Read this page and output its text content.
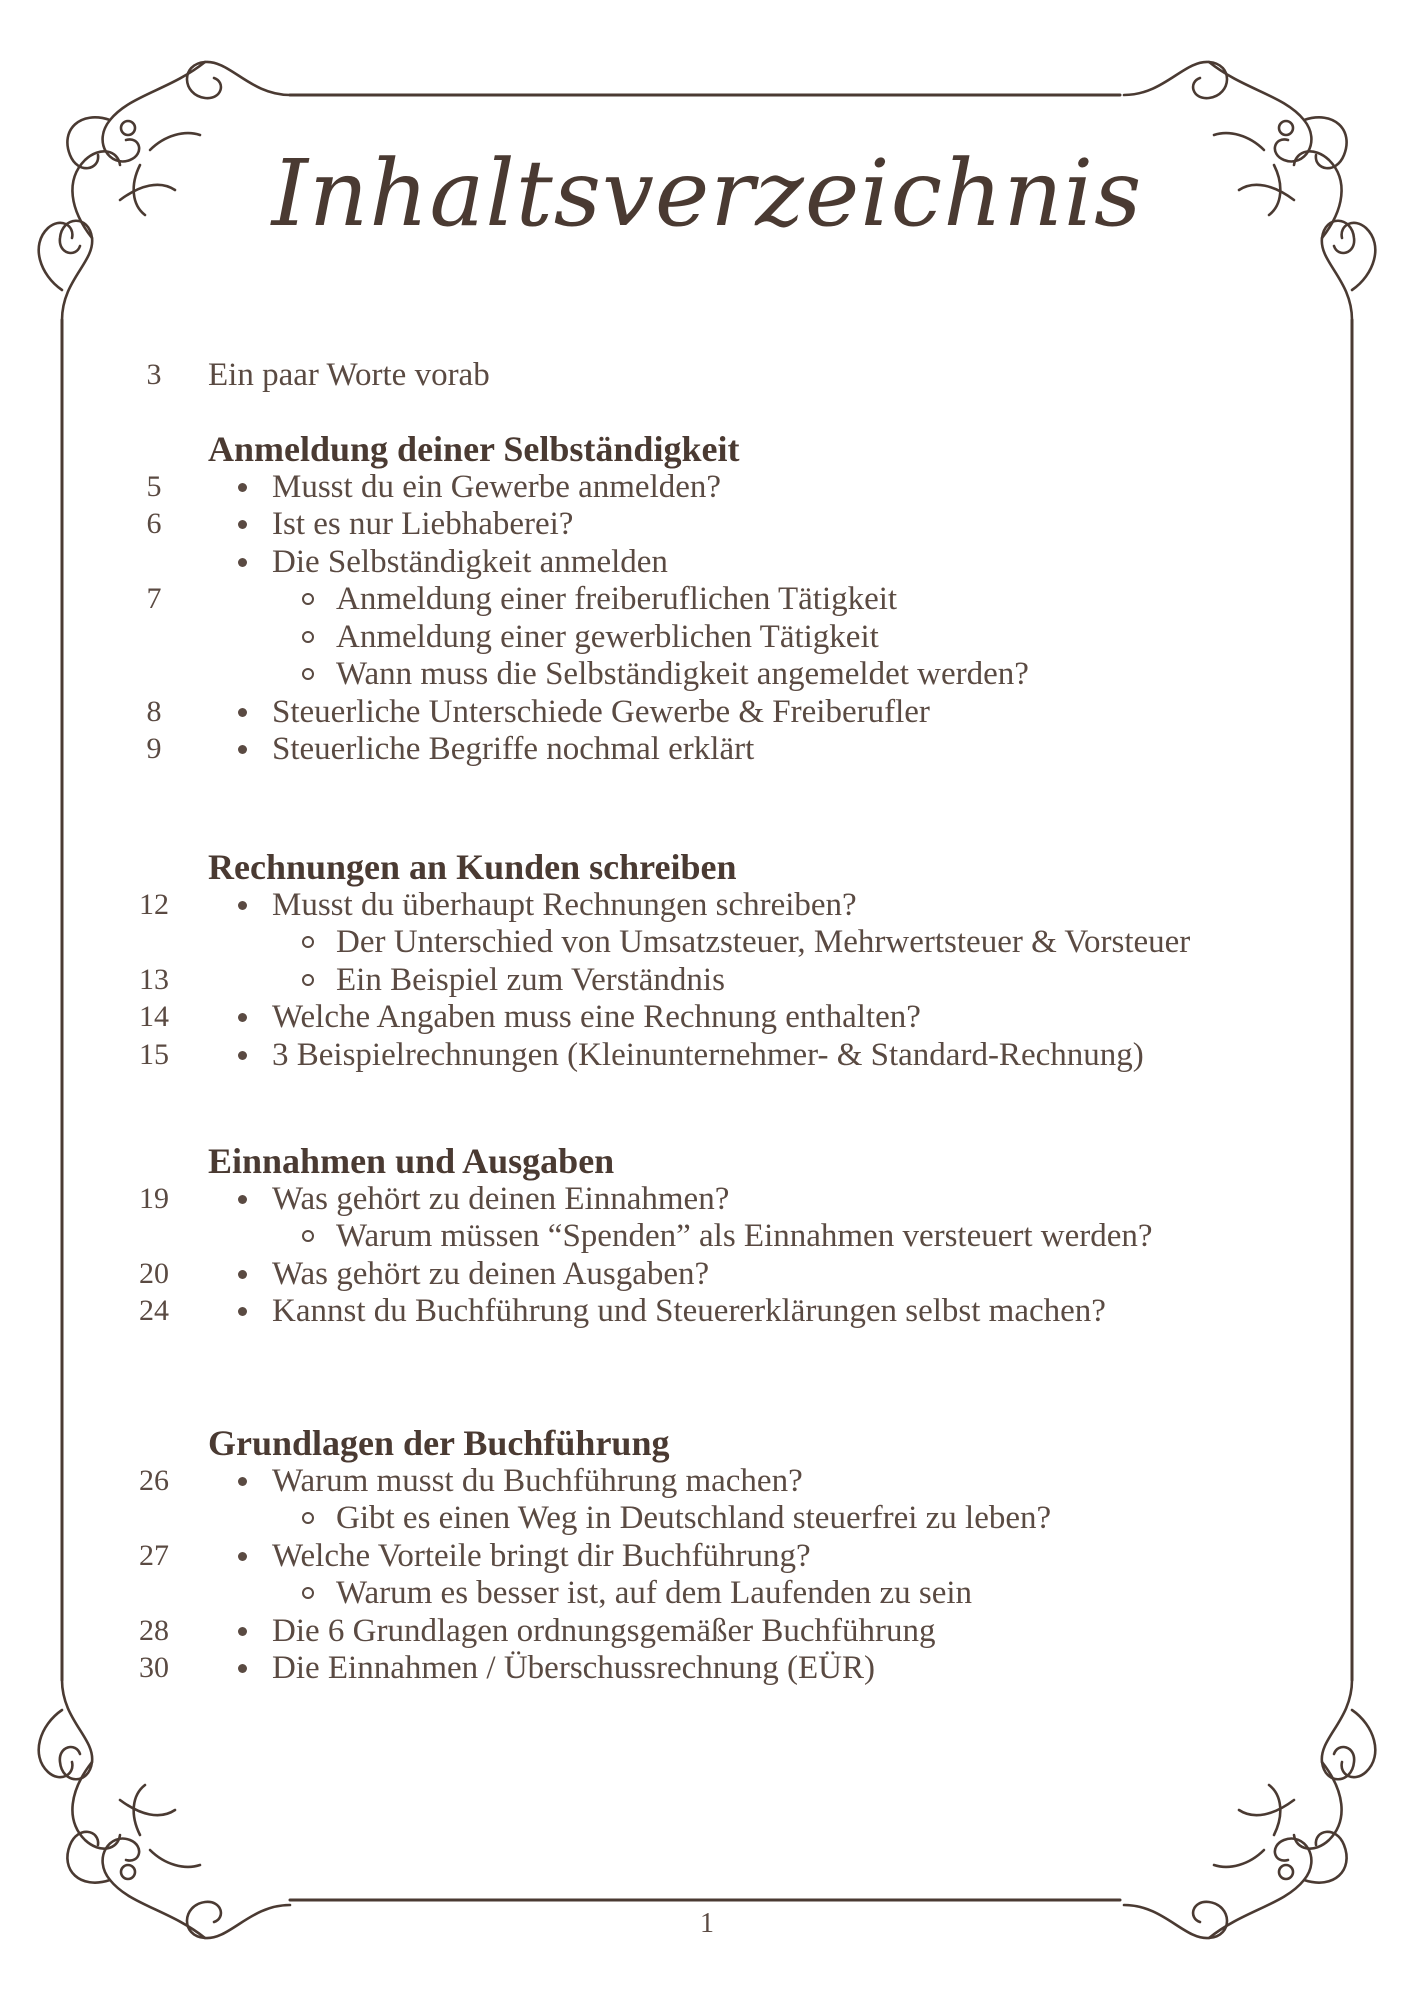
Inhaltsverzeichnis
3	Ein paar Worte vorab
Anmeldung deiner Selbständigkeit
5	Musst du ein Gewerbe anmelden?
6	Ist es nur Liebhaberei?
Die Selbständigkeit anmelden
7	Anmeldung einer freiberuflichen Tätigkeit
Anmeldung einer gewerblichen Tätigkeit
Wann muss die Selbständigkeit angemeldet werden?
8	Steuerliche Unterschiede Gewerbe & Freiberufler
9	Steuerliche Begriffe nochmal erklärt
Rechnungen an Kunden schreiben
12	Musst du überhaupt Rechnungen schreiben?
Der Unterschied von Umsatzsteuer, Mehrwertsteuer & Vorsteuer
13	Ein Beispiel zum Verständnis
14	Welche Angaben muss eine Rechnung enthalten?
15	3 Beispielrechnungen (Kleinunternehmer- & Standard-Rechnung)
Einnahmen und Ausgaben
19	Was gehört zu deinen Einnahmen?
Warum müssen “Spenden” als Einnahmen versteuert werden?
20	Was gehört zu deinen Ausgaben?
24	Kannst du Buchführung und Steuererklärungen selbst machen?
Grundlagen der Buchführung
26	Warum musst du Buchführung machen?
Gibt es einen Weg in Deutschland steuerfrei zu leben?
27	Welche Vorteile bringt dir Buchführung?
Warum es besser ist, auf dem Laufenden zu sein
28	Die 6 Grundlagen ordnungsgemäßer Buchführung
30	Die Einnahmen / Überschussrechnung (EÜR)
1
